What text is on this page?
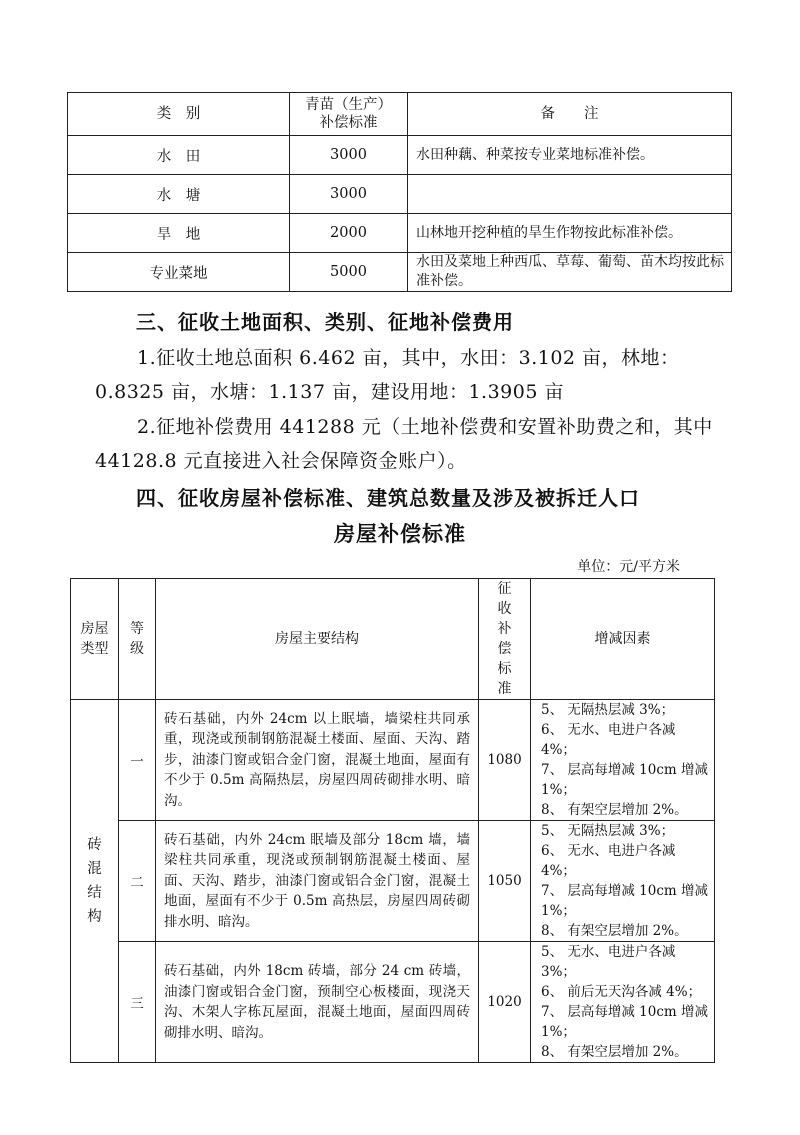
类　别	青苗（生产）补偿标准	备　　注
水　田	3000	水田种藕、种菜按专业菜地标准补偿。
水　塘	3000	
旱　地	2000	山林地开挖种植的旱生作物按此标准补偿。
专业菜地	5000	水田及菜地上种西瓜、草莓、葡萄、苗木均按此标准补偿。

三、征收土地面积、类别、征地补偿费用

1.征收土地总面积 6.462 亩，其中，水田：3.102 亩，林地：0.8325 亩，水塘：1.137 亩，建设用地：1.3905 亩

2.征地补偿费用 441288 元（土地补偿费和安置补助费之和，其中 44128.8 元直接进入社会保障资金账户）。

四、征收房屋补偿标准、建筑总数量及涉及被拆迁人口

房屋补偿标准

单位：元/平方米

房屋类型	等级	房屋主要结构	征收补偿标准	增减因素
砖混结构	一	砖石基础，内外 24cm 以上眠墙，墙梁柱共同承重，现浇或预制钢筋混凝土楼面、屋面、天沟、踏步，油漆门窗或铝合金门窗，混凝土地面，屋面有不少于 0.5m 高隔热层，房屋四周砖砌排水明、暗沟。	1080	5、 无隔热层减 3%；
6、 无水、电进户各减 4%；
7、 层高每增减 10cm 增减 1%；
8、 有架空层增加 2%。

	二	砖石基础，内外 24cm 眠墙及部分 18cm 墙，墙梁柱共同承重，现浇或预制钢筋混凝土楼面、屋面、天沟、踏步，油漆门窗或铝合金门窗，混凝土地面，屋面有不少于 0.5m 高热层，房屋四周砖砌排水明、暗沟。	1050	5、 无隔热层减 3%；
6、 无水、电进户各减 4%；
7、 层高每增减 10cm 增减 1%；
8、 有架空层增加 2%。

	三	砖石基础，内外 18cm 砖墙，部分 24 cm 砖墙，油漆门窗或铝合金门窗，预制空心板楼面，现浇天沟、木架人字栋瓦屋面，混凝土地面，屋面四周砖砌排水明、暗沟。	1020	5、 无水、电进户各减 3%；
6、 前后无天沟各减 4%；
7、 层高每增减 10cm 增减 1%；
8、 有架空层增加 2%。
